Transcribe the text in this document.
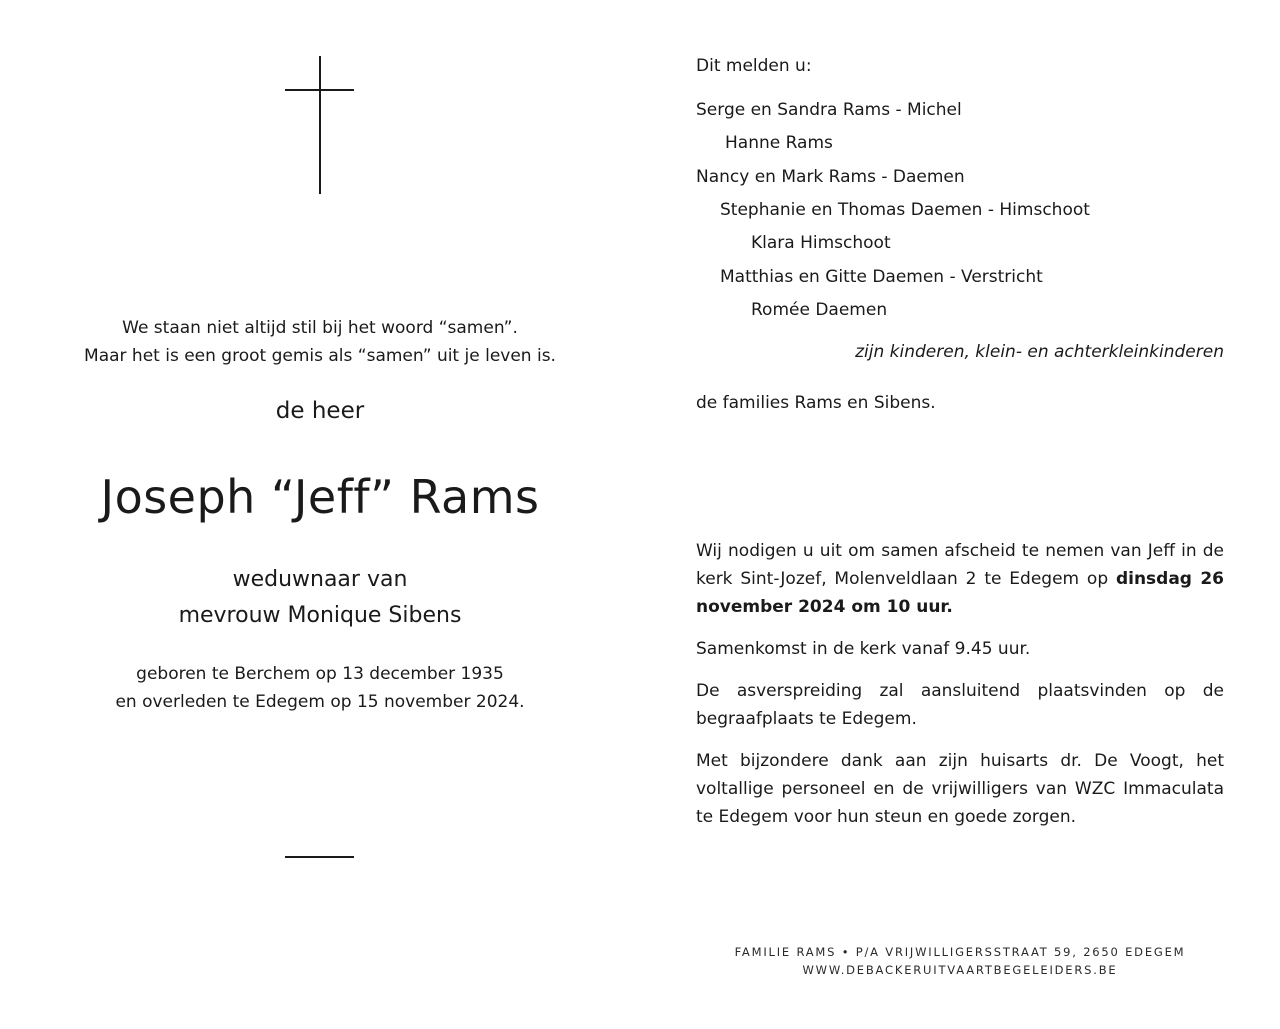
We staan niet altijd stil bij het woord “samen”.
Maar het is een groot gemis als “samen” uit je leven is.
de heer
Joseph “Jeff” Rams
weduwnaar van
mevrouw Monique Sibens
geboren te Berchem op 13 december 1935
en overleden te Edegem op 15 november 2024.
Dit melden u:
Serge en Sandra Rams - Michel
Hanne Rams
Nancy en Mark Rams - Daemen
Stephanie en Thomas Daemen - Himschoot
Klara Himschoot
Matthias en Gitte Daemen - Verstricht
Romée Daemen
zijn kinderen, klein- en achterkleinkinderen
de families Rams en Sibens.

Wij nodigen u uit om samen afscheid te nemen van Jeff in de kerk Sint-Jozef, Molenveldlaan 2 te Edegem op dinsdag 26 november 2024 om 10 uur.

Samenkomst in de kerk vanaf 9.45 uur.

De asverspreiding zal aansluitend plaatsvinden op de begraafplaats te Edegem.

Met bijzondere dank aan zijn huisarts dr. De Voogt, het voltallige personeel en de vrijwilligers van WZC Immaculata te Edegem voor hun steun en goede zorgen.

FAMILIE RAMS • P/A VRIJWILLIGERSSTRAAT 59, 2650 EDEGEM
WWW.DEBACKERUITVAARTBEGELEIDERS.BE
